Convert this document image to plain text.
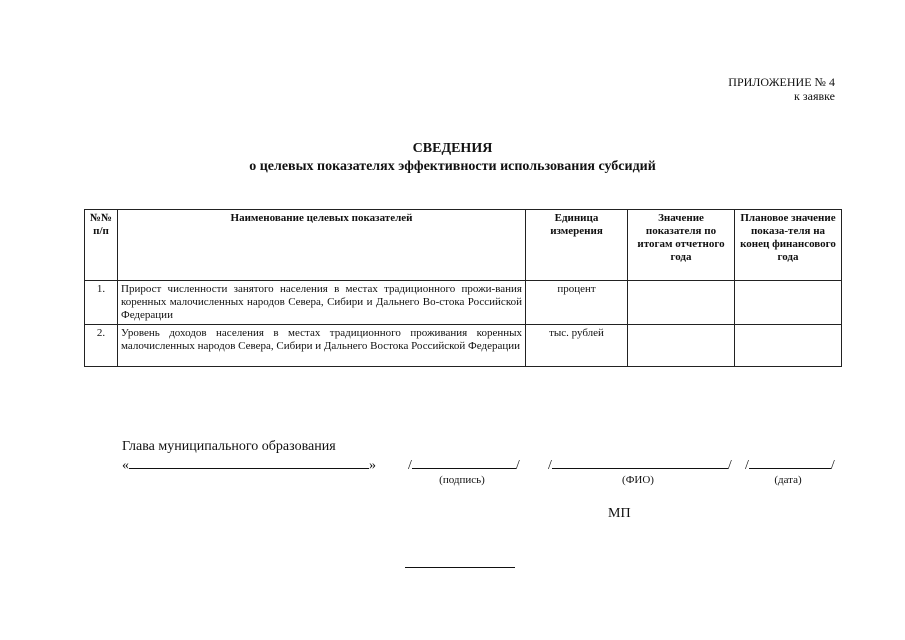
ПРИЛОЖЕНИЕ № 4
к заявке
СВЕДЕНИЯ
о целевых показателях эффективности использования субсидий
№№ п/п	Наименование целевых показателей	Единица измерения	Значение показателя по итогам отчетного года	Плановое значение показа-теля на конец финансового года
1.	Прирост численности занятого населения в местах традиционного прожи-вания коренных малочисленных народов Севера, Сибири и Дальнего Во-стока Российской Федерации	процент		
2.	Уровень доходов населения в местах традиционного проживания коренных малочисленных народов Севера, Сибири и Дальнего Востока Российской Федерации	тыс. рублей		
Глава муниципального образования
«	» /	/ /	/ /	/
(подпись)	(ФИО)	(дата)
МП
